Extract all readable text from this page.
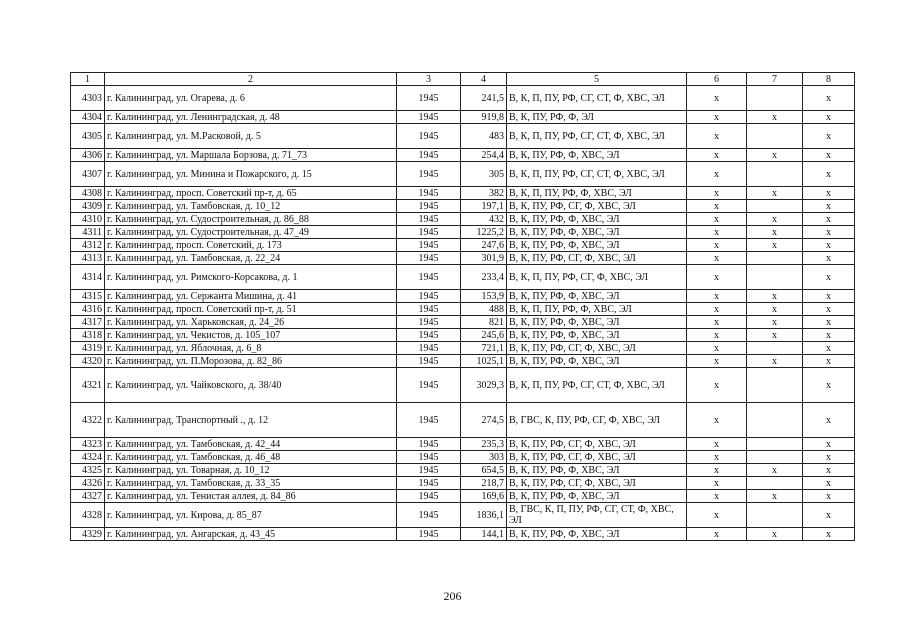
1	2	3	4	5	6	7	8
4303	г. Калининград, ул. Огарева, д. 6	1945	241,5	В, К, П, ПУ, РФ, СГ, СТ, Ф, ХВС, ЭЛ	х		х
4304	г. Калининград, ул. Ленинградская, д. 48	1945	919,8	В, К, ПУ, РФ, Ф, ЭЛ	х	х	х
4305	г. Калининград, ул. М.Расковой, д. 5	1945	483	В, К, П, ПУ, РФ, СГ, СТ, Ф, ХВС, ЭЛ	х		х
4306	г. Калининград, ул. Маршала Борзова, д. 71_73	1945	254,4	В, К, ПУ, РФ, Ф, ХВС, ЭЛ	х	х	х
4307	г. Калининград, ул. Минина и Пожарского, д. 15	1945	305	В, К, П, ПУ, РФ, СГ, СТ, Ф, ХВС, ЭЛ	х		х
4308	г. Калининград, просп. Советский пр-т, д. 65	1945	382	В, К, П, ПУ, РФ, Ф, ХВС, ЭЛ	х	х	х
4309	г. Калининград, ул. Тамбовская, д. 10_12	1945	197,1	В, К, ПУ, РФ, СГ, Ф, ХВС, ЭЛ	х		х
4310	г. Калининград, ул. Судостроительная, д. 86_88	1945	432	В, К, ПУ, РФ, Ф, ХВС, ЭЛ	х	х	х
4311	г. Калининград, ул. Судостроительная, д. 47_49	1945	1225,2	В, К, ПУ, РФ, Ф, ХВС, ЭЛ	х	х	х
4312	г. Калининград, просп. Советский, д. 173	1945	247,6	В, К, ПУ, РФ, Ф, ХВС, ЭЛ	х	х	х
4313	г. Калининград, ул. Тамбовская, д. 22_24	1945	301,9	В, К, ПУ, РФ, СГ, Ф, ХВС, ЭЛ	х		х
4314	г. Калининград, ул. Римского-Корсакова, д. 1	1945	233,4	В, К, П, ПУ, РФ, СГ, Ф, ХВС, ЭЛ	х		х
4315	г. Калининград, ул. Сержанта Мишина, д. 41	1945	153,9	В, К, ПУ, РФ, Ф, ХВС, ЭЛ	х	х	х
4316	г. Калининград, просп. Советский пр-т, д. 51	1945	488	В, К, П, ПУ, РФ, Ф, ХВС, ЭЛ	х	х	х
4317	г. Калининград, ул. Харьковская, д. 24_26	1945	821	В, К, ПУ, РФ, Ф, ХВС, ЭЛ	х	х	х
4318	г. Калининград, ул. Чекистов, д. 105_107	1945	245,6	В, К, ПУ, РФ, Ф, ХВС, ЭЛ	х	х	х
4319	г. Калининград, ул. Яблочная, д. 6_8	1945	721,1	В, К, ПУ, РФ, СГ, Ф, ХВС, ЭЛ	х		х
4320	г. Калининград, ул. П.Морозова, д. 82_86	1945	1025,1	В, К, ПУ, РФ, Ф, ХВС, ЭЛ	х	х	х
4321	г. Калининград, ул. Чайковского, д. 38/40	1945	3029,3	В, К, П, ПУ, РФ, СГ, СТ, Ф, ХВС, ЭЛ	х		х
4322	г. Калининград, Транспортный ., д. 12	1945	274,5	В, ГВС, К, ПУ, РФ, СГ, Ф, ХВС, ЭЛ	х		х
4323	г. Калининград, ул. Тамбовская, д. 42_44	1945	235,3	В, К, ПУ, РФ, СГ, Ф, ХВС, ЭЛ	х		х
4324	г. Калининград, ул. Тамбовская, д. 46_48	1945	303	В, К, ПУ, РФ, СГ, Ф, ХВС, ЭЛ	х		х
4325	г. Калининград, ул. Товарная, д. 10_12	1945	654,5	В, К, ПУ, РФ, Ф, ХВС, ЭЛ	х	х	х
4326	г. Калининград, ул. Тамбовская, д. 33_35	1945	218,7	В, К, ПУ, РФ, СГ, Ф, ХВС, ЭЛ	х		х
4327	г. Калининград, ул. Тенистая аллея, д. 84_86	1945	169,6	В, К, ПУ, РФ, Ф, ХВС, ЭЛ	х	х	х
4328	г. Калининград, ул. Кирова, д. 85_87	1945	1836,1	В, ГВС, К, П, ПУ, РФ, СГ, СТ, Ф, ХВС, ЭЛ	х		х
4329	г. Калининград, ул. Ангарская, д. 43_45	1945	144,1	В, К, ПУ, РФ, Ф, ХВС, ЭЛ	х	х	х
206
